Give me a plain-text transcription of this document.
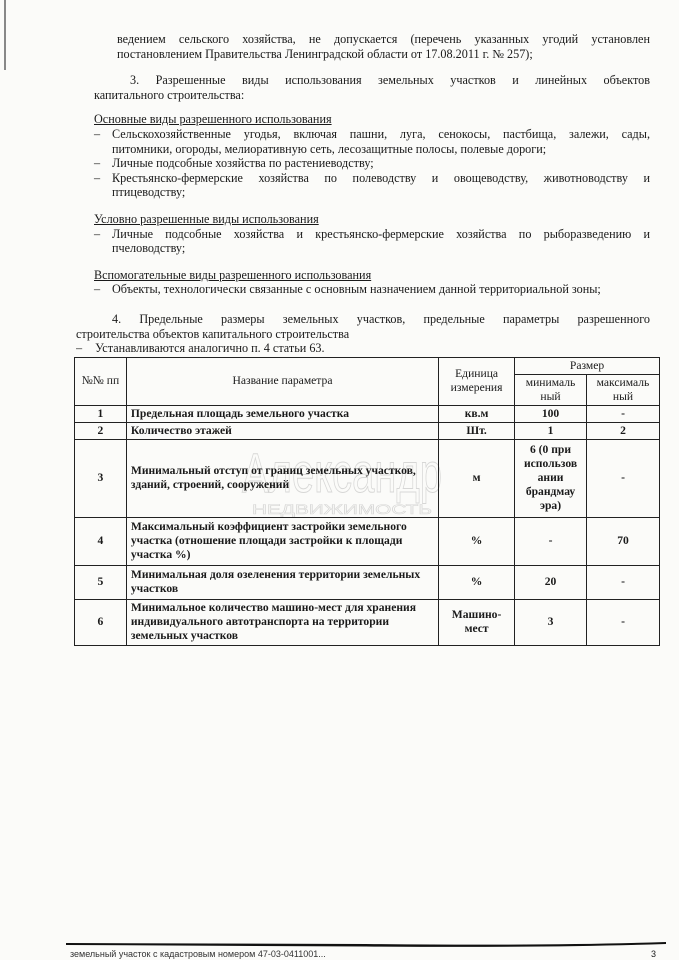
Александр
НЕДВИЖИМОСТЬ
ведением сельского хозяйства, не допускается (перечень указанных угодий установлен
постановлением Правительства Ленинградской области от 17.08.2011 г. № 257);
3. Разрешенные виды использования земельных участков и линейных объектов
капитального строительства:
Основные виды разрешенного использования
– Сельскохозяйственные угодья, включая пашни, луга, сенокосы, пастбища, залежи, сады,
питомники, огороды, мелиоративную сеть, лесозащитные полосы, полевые дороги;
– Личные подсобные хозяйства по растениеводству;
– Крестьянско-фермерские хозяйства по полеводству и овощеводству, животноводству и
птицеводству;
Условно разрешенные виды использования
– Личные подсобные хозяйства и крестьянско-фермерские хозяйства по рыборазведению и
пчеловодству;
Вспомогательные виды разрешенного использования
– Объекты, технологически связанные с основным назначением данной территориальной зоны;
4. Предельные размеры земельных участков, предельные параметры разрешенного
строительства объектов капитального строительства
– Устанавливаются аналогично п. 4 статьи 63.
№№ пп	Название параметра	Единица измерения	Размер	
			минималь ный	максималь ный
1	Предельная площадь земельного участка	кв.м	100	-
2	Количество этажей	Шт.	1	2
3	Минимальный отступ от границ земельных участков, зданий, строений, сооружений	м	6 (0 при использов ании брандмау эра)	-
4	Максимальный коэффициент застройки земельного участка (отношение площади застройки к площади участка %)	%	-	70
5	Минимальная доля озеленения территории земельных участков	%	20	-
6	Минимальное количество машино-мест для хранения индивидуального автотранспорта на территории земельных участков	Машино-мест	3	-
земельный участок с кадастровым номером 47-03-0411001...	3
